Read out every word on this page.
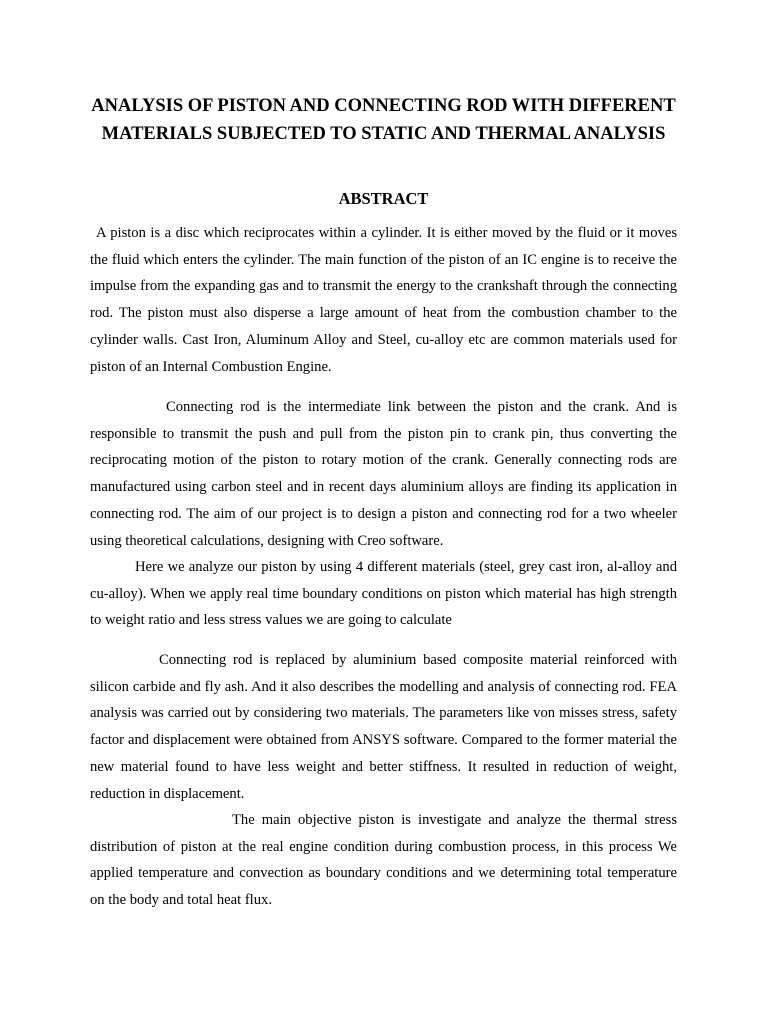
ANALYSIS OF PISTON AND CONNECTING ROD WITH DIFFERENT MATERIALS SUBJECTED TO STATIC AND THERMAL ANALYSIS
ABSTRACT

A piston is a disc which reciprocates within a cylinder. It is either moved by the fluid or it moves the fluid which enters the cylinder. The main function of the piston of an IC engine is to receive the impulse from the expanding gas and to transmit the energy to the crankshaft through the connecting rod. The piston must also disperse a large amount of heat from the combustion chamber to the cylinder walls. Cast Iron, Aluminum Alloy and Steel, cu-alloy etc are common materials used for piston of an Internal Combustion Engine.

Connecting rod is the intermediate link between the piston and the crank. And is responsible to transmit the push and pull from the piston pin to crank pin, thus converting the reciprocating motion of the piston to rotary motion of the crank. Generally connecting rods are manufactured using carbon steel and in recent days aluminium alloys are finding its application in connecting rod. The aim of our project is to design a piston and connecting rod for a two wheeler using theoretical calculations, designing with Creo software.

Here we analyze our piston by using 4 different materials (steel, grey cast iron, al-alloy and cu-alloy). When we apply real time boundary conditions on piston which material has high strength to weight ratio and less stress values we are going to calculate

Connecting rod is replaced by aluminium based composite material reinforced with silicon carbide and fly ash. And it also describes the modelling and analysis of connecting rod. FEA analysis was carried out by considering two materials. The parameters like von misses stress, safety factor and displacement were obtained from ANSYS software. Compared to the former material the new material found to have less weight and better stiffness. It resulted in reduction of weight, reduction in displacement.

The main objective piston is investigate and analyze the thermal stress distribution of piston at the real engine condition during combustion process, in this process We applied temperature and convection as boundary conditions and we determining total temperature on the body and total heat flux.
